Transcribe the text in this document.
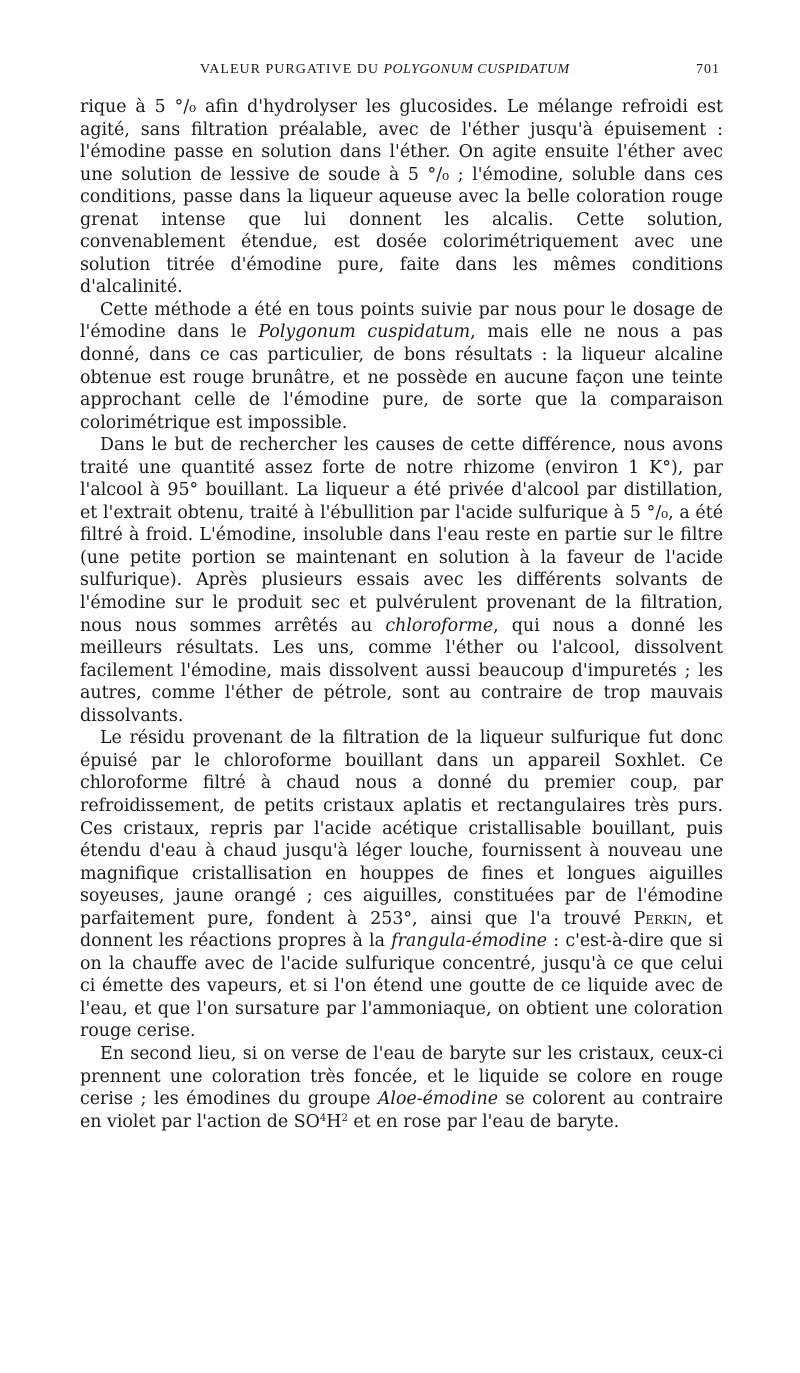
VALEUR PURGATIVE DU POLYGONUM CUSPIDATUM	701

rique à 5 °/₀ afin d'hydrolyser les glucosides. Le mélange refroidi est agité, sans filtration préalable, avec de l'éther jusqu'à épuisement : l'émodine passe en solution dans l'éther. On agite ensuite l'éther avec une solution de lessive de soude à 5 °/₀ ; l'émodine, soluble dans ces conditions, passe dans la liqueur aqueuse avec la belle coloration rouge grenat intense que lui donnent les alcalis. Cette solution, convenablement étendue, est dosée colorimétriquement avec une solution titrée d'émodine pure, faite dans les mêmes conditions d'alcalinité.

Cette méthode a été en tous points suivie par nous pour le dosage de l'émodine dans le Polygonum cuspidatum, mais elle ne nous a pas donné, dans ce cas particulier, de bons résultats : la liqueur alcaline obtenue est rouge brunâtre, et ne possède en aucune façon une teinte approchant celle de l'émodine pure, de sorte que la comparaison colorimétrique est impossible.

Dans le but de rechercher les causes de cette différence, nous avons traité une quantité assez forte de notre rhizome (environ 1 K°), par l'alcool à 95° bouillant. La liqueur a été privée d'alcool par distillation, et l'extrait obtenu, traité à l'ébullition par l'acide sulfurique à 5 °/₀, a été filtré à froid. L'émodine, insoluble dans l'eau reste en partie sur le filtre (une petite portion se maintenant en solution à la faveur de l'acide sulfurique). Après plusieurs essais avec les différents solvants de l'émodine sur le produit sec et pulvérulent provenant de la filtration, nous nous sommes arrêtés au chloroforme, qui nous a donné les meilleurs résultats. Les uns, comme l'éther ou l'alcool, dissolvent facilement l'émodine, mais dissolvent aussi beaucoup d'impuretés ; les autres, comme l'éther de pétrole, sont au contraire de trop mauvais dissolvants.

Le résidu provenant de la filtration de la liqueur sulfurique fut donc épuisé par le chloroforme bouillant dans un appareil Soxhlet. Ce chloroforme filtré à chaud nous a donné du premier coup, par refroidissement, de petits cristaux aplatis et rectangulaires très purs. Ces cristaux, repris par l'acide acétique cristallisable bouillant, puis étendu d'eau à chaud jusqu'à léger louche, fournissent à nouveau une magnifique cristallisation en houppes de fines et longues aiguilles soyeuses, jaune orangé ; ces aiguilles, constituées par de l'émodine parfaitement pure, fondent à 253°, ainsi que l'a trouvé Perkin, et donnent les réactions propres à la frangula-émodine : c'est-à-dire que si on la chauffe avec de l'acide sulfurique concentré, jusqu'à ce que celui ci émette des vapeurs, et si l'on étend une goutte de ce liquide avec de l'eau, et que l'on sursature par l'ammoniaque, on obtient une coloration rouge cerise.

En second lieu, si on verse de l'eau de baryte sur les cristaux, ceux-ci prennent une coloration très foncée, et le liquide se colore en rouge cerise ; les émodines du groupe Aloe-émodine se colorent au contraire en violet par l'action de $SO^4H^2$ et en rose par l'eau de baryte.
